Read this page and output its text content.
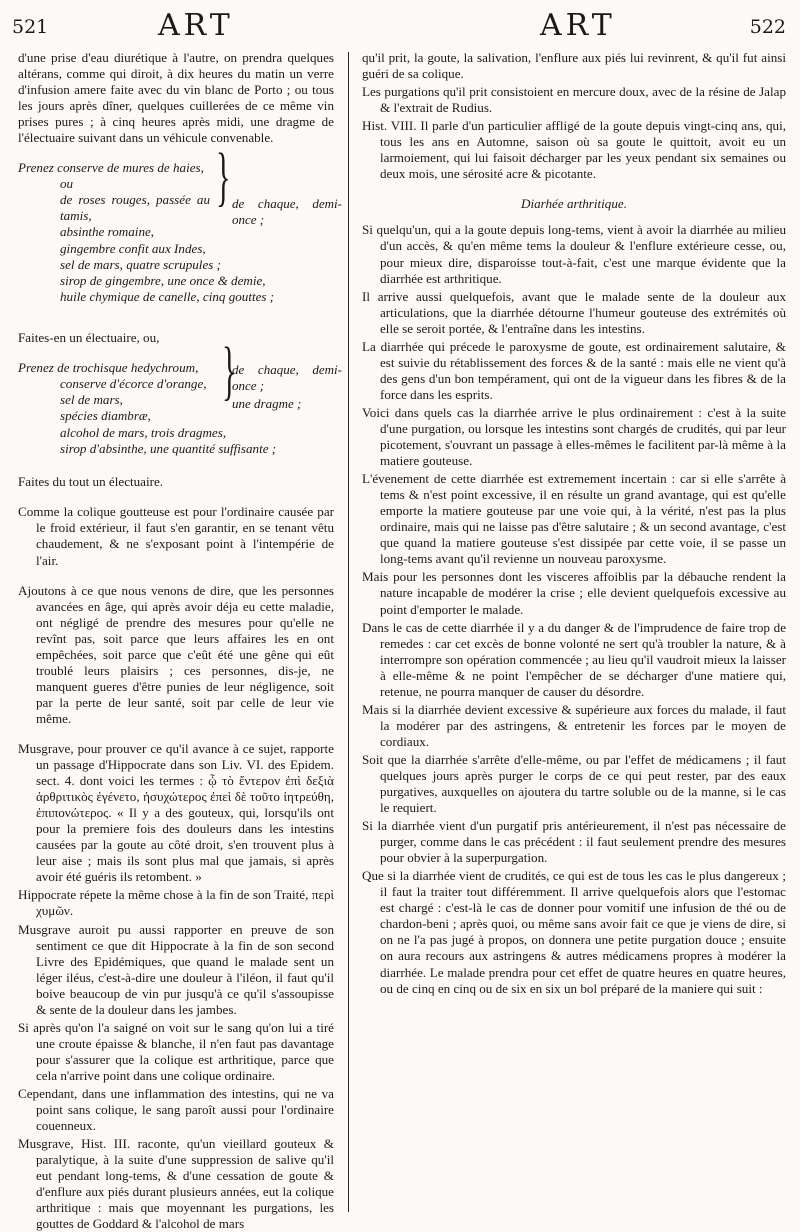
521	ART	ART	522

d'une prise d'eau diurétique à l'autre, on prendra quelques altérans, comme qui diroit, à dix heures du matin un verre d'infusion amere faite avec du vin blanc de Porto ; ou tous les jours après dîner, quelques cuillerées de ce même vin prises pures ; à cinq heures après midi, une dragme de l'électuaire suivant dans un véhicule convenable.

Prenez conserve de mures de haies,
ou
de roses rouges, passée au tamis,
absinthe romaine,
gingembre confit aux Indes,
sel de mars, quatre scrupules ;
sirop de gingembre, une once & demie,
huile chymique de canelle, cinq gouttes ;
} de chaque, demi-once ;

Faites-en un électuaire, ou,

Prenez de trochisque hedychroum,
conserve d'écorce d'orange,
sel de mars,
spécies diambræ,
alcohol de mars, trois dragmes,
sirop d'absinthe, une quantité suffisante ;
}
de chaque, demi-once ;
une dragme ;

Faites du tout un électuaire.

Comme la colique goutteuse est pour l'ordinaire causée par le froid extérieur, il faut s'en garantir, en se tenant vêtu chaudement, & ne s'exposant point à l'intempérie de l'air.

Ajoutons à ce que nous venons de dire, que les personnes avancées en âge, qui après avoir déja eu cette maladie, ont négligé de prendre des mesures pour qu'elle ne revînt pas, soit parce que leurs affaires les en ont empêchées, soit parce que c'eût été une gêne qui eût troublé leurs plaisirs ; ces personnes, dis-je, ne manquent gueres d'être punies de leur négligence, soit par la perte de leur santé, soit par celle de leur vie même.

Musgrave, pour prouver ce qu'il avance à ce sujet, rapporte un passage d'Hippocrate dans son Liv. VI. des Epidem. sect. 4. dont voici les termes : ᾧ τὸ ἔντερον ἐπὶ δεξιὰ ἀρθριτικὸς ἐγένετο, ἡσυχώτερος ἐπεὶ δὲ τοῦτο ἰητρεύθη, ἐπιπονώτερος. « Il y a des gouteux, qui, lorsqu'ils ont pour la premiere fois des douleurs dans les intestins causées par la goute au côté droit, s'en trouvent plus à leur aise ; mais ils sont plus mal que jamais, si après avoir été guéris ils retombent. »

Hippocrate répete la même chose à la fin de son Traité, περὶ χυμῶν.

Musgrave auroit pu aussi rapporter en preuve de son sentiment ce que dit Hippocrate à la fin de son second Livre des Epidémiques, que quand le malade sent un léger iléus, c'est-à-dire une douleur à l'iléon, il faut qu'il boive beaucoup de vin pur jusqu'à ce qu'il s'assoupisse & sente de la douleur dans les jambes.

Si après qu'on l'a saigné on voit sur le sang qu'on lui a tiré une croute épaisse & blanche, il n'en faut pas davantage pour s'assurer que la colique est arthritique, parce que cela n'arrive point dans une colique ordinaire.

Cependant, dans une inflammation des intestins, qui ne va point sans colique, le sang paroît aussi pour l'ordinaire couenneux.

Musgrave, Hist. III. raconte, qu'un vieillard gouteux & paralytique, à la suite d'une suppression de salive qu'il eut pendant long-tems, & d'une cessation de goute & d'enflure aux piés durant plusieurs années, eut la colique arthritique : mais que moyennant les purgations, les gouttes de Goddard & l'alcohol de mars

qu'il prit, la goute, la salivation, l'enflure aux piés lui revinrent, & qu'il fut ainsi guéri de sa colique.

Les purgations qu'il prit consistoient en mercure doux, avec de la résine de Jalap & l'extrait de Rudius.

Hist. VIII. Il parle d'un particulier affligé de la goute depuis vingt-cinq ans, qui, tous les ans en Automne, saison où sa goute le quittoit, avoit eu un larmoiement, qui lui faisoit décharger par les yeux pendant six semaines ou deux mois, une sérosité acre & picotante.

Diarhée arthritique.

Si quelqu'un, qui a la goute depuis long-tems, vient à avoir la diarrhée au milieu d'un accès, & qu'en même tems la douleur & l'enflure extérieure cesse, ou, pour mieux dire, disparoisse tout-à-fait, c'est une marque évidente que la diarrhée est arthritique.

Il arrive aussi quelquefois, avant que le malade sente de la douleur aux articulations, que la diarrhée détourne l'humeur gouteuse des extrémités où elle se seroit portée, & l'entraîne dans les intestins.

La diarrhée qui précede le paroxysme de goute, est ordinairement salutaire, & est suivie du rétablissement des forces & de la santé : mais elle ne vient qu'à des gens d'un bon tempérament, qui ont de la vigueur dans les fibres & de la force dans les esprits.

Voici dans quels cas la diarrhée arrive le plus ordinairement : c'est à la suite d'une purgation, ou lorsque les intestins sont chargés de crudités, qui par leur picotement, s'ouvrant un passage à elles-mêmes le facilitent par-là même à la matiere gouteuse.

L'évenement de cette diarrhée est extremement incertain : car si elle s'arrête à tems & n'est point excessive, il en résulte un grand avantage, qui est qu'elle emporte la matiere gouteuse par une voie qui, à la vérité, n'est pas la plus ordinaire, mais qui ne laisse pas d'être salutaire ; & un second avantage, c'est que quand la matiere gouteuse s'est dissipée par cette voie, il se passe un long-tems avant qu'il revienne un nouveau paroxysme.

Mais pour les personnes dont les visceres affoiblis par la débauche rendent la nature incapable de modérer la crise ; elle devient quelquefois excessive au point d'emporter le malade.

Dans le cas de cette diarrhée il y a du danger & de l'imprudence de faire trop de remedes : car cet excès de bonne volonté ne sert qu'à troubler la nature, & à interrompre son opération commencée ; au lieu qu'il vaudroit mieux la laisser à elle-même & ne point l'empêcher de se décharger d'une matiere qui, retenue, ne pourra manquer de causer du désordre.

Mais si la diarrhée devient excessive & supérieure aux forces du malade, il faut la modérer par des astringens, & entretenir les forces par le moyen de cordiaux.

Soit que la diarrhée s'arrête d'elle-même, ou par l'effet de médicamens ; il faut quelques jours après purger le corps de ce qui peut rester, par des eaux purgatives, auxquelles on ajoutera du tartre soluble ou de la manne, si le cas le requiert.

Si la diarrhée vient d'un purgatif pris antérieurement, il n'est pas nécessaire de purger, comme dans le cas précédent : il faut seulement prendre des mesures pour obvier à la superpurgation.

Que si la diarrhée vient de crudités, ce qui est de tous les cas le plus dangereux ; il faut la traiter tout différemment. Il arrive quelquefois alors que l'estomac est chargé : c'est-là le cas de donner pour vomitif une infusion de thé ou de chardon-beni ; après quoi, ou même sans avoir fait ce que je viens de dire, si on ne l'a pas jugé à propos, on donnera une petite purgation douce ; ensuite on aura recours aux astringens & autres médicamens propres à modérer la diarrhée. Le malade prendra pour cet effet de quatre heures en quatre heures, ou de cinq en cinq ou de six en six un bol préparé de la maniere qui suit :
